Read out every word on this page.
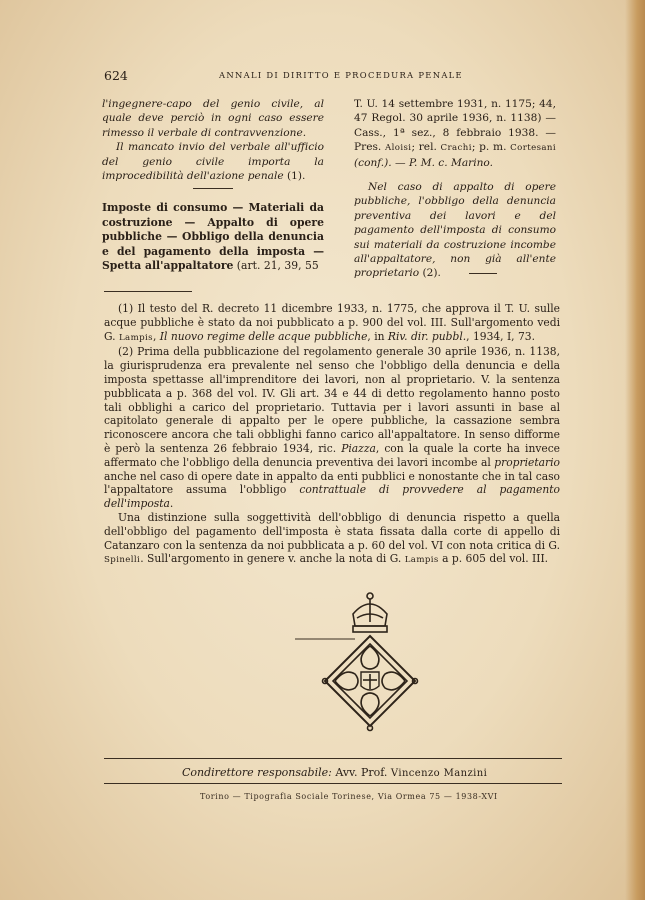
624	ANNALI DI DIRITTO E PROCEDURA PENALE

l'ingegnere-capo del genio civile, al quale deve perciò in ogni caso essere rimesso il verbale di contravvenzione.

Il mancato invio del verbale all'ufficio del genio civile importa la improcedibilità dell'azione penale (1).

Imposte di consumo — Materiali da costruzione — Appalto di opere pubbliche — Obbligo della denuncia e del pagamento della imposta — Spetta all'appaltatore (art. 21, 39, 55

T. U. 14 settembre 1931, n. 1175; 44, 47 Regol. 30 aprile 1936, n. 1138) — Cass., 1ª sez., 8 febbraio 1938. — Pres. Aloisi; rel. Crachi; p. m. Cortesani (conf.). — P. M. c. Marino.

Nel caso di appalto di opere pubbliche, l'obbligo della denuncia preventiva dei lavori e del pagamento dell'imposta di consumo sui materiali da costruzione incombe all'appaltatore, non già all'ente proprietario (2).

(1) Il testo del R. decreto 11 dicembre 1933, n. 1775, che approva il T. U. sulle acque pubbliche è stato da noi pubblicato a p. 900 del vol. III. Sull'argomento vedi G. Lampis, Il nuovo regime delle acque pubbliche, in Riv. dir. pubbl., 1934, I, 73.

(2) Prima della pubblicazione del regolamento generale 30 aprile 1936, n. 1138, la giurisprudenza era prevalente nel senso che l'obbligo della denuncia e della imposta spettasse all'imprenditore dei lavori, non al proprietario. V. la sentenza pubblicata a p. 368 del vol. IV. Gli art. 34 e 44 di detto regolamento hanno posto tali obblighi a carico del proprietario. Tuttavia per i lavori assunti in base al capitolato generale di appalto per le opere pubbliche, la cassazione sembra riconoscere ancora che tali obblighi fanno carico all'appaltatore. In senso difforme è però la sentenza 26 febbraio 1934, ric. Piazza, con la quale la corte ha invece affermato che l'obbligo della denuncia preventiva dei lavori incombe al proprietario anche nel caso di opere date in appalto da enti pubblici e nonostante che in tal caso l'appaltatore assuma l'obbligo contrattuale di provvedere al pagamento dell'imposta.

Una distinzione sulla soggettività dell'obbligo di denuncia rispetto a quella dell'obbligo del pagamento dell'imposta è stata fissata dalla corte di appello di Catanzaro con la sentenza da noi pubblicata a p. 60 del vol. VI con nota critica di G. Spinelli. Sull'argomento in genere v. anche la nota di G. Lampis a p. 605 del vol. III.

Condirettore responsabile: Avv. Prof. Vincenzo Manzini
Torino — Tipografia Sociale Torinese, Via Ormea 75 — 1938-XVI
